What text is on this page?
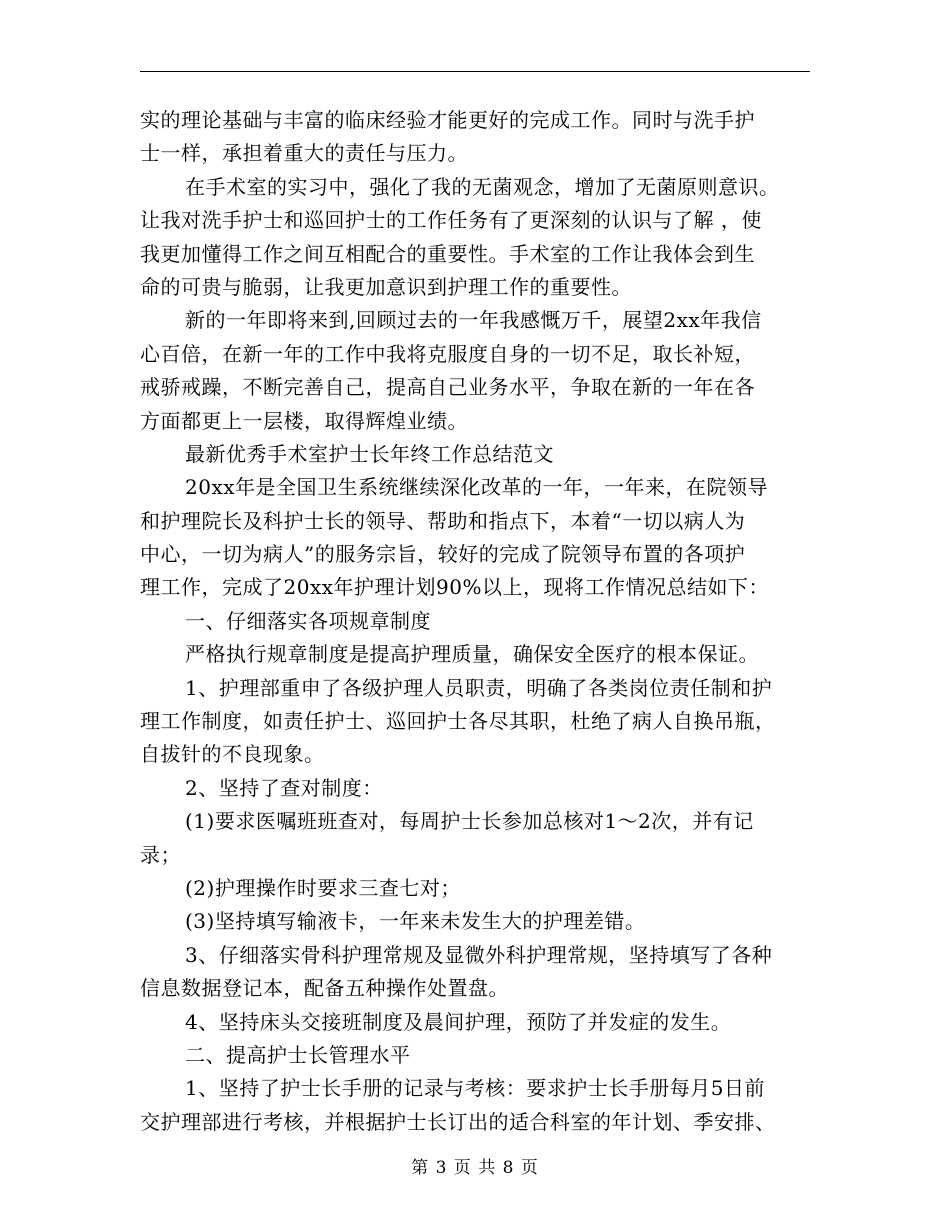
实的理论基础与丰富的临床经验才能更好的完成工作。同时与洗手护
士一样，承担着重大的责任与压力。
在手术室的实习中，强化了我的无菌观念，增加了无菌原则意识。
让我对洗手护士和巡回护士的工作任务有了更深刻的认识与了解 ，使
我更加懂得工作之间互相配合的重要性。手术室的工作让我体会到生
命的可贵与脆弱，让我更加意识到护理工作的重要性。
新的一年即将来到,回顾过去的一年我感慨万千，展望2xx年我信
心百倍，在新一年的工作中我将克服度自身的一切不足，取长补短，
戒骄戒躁，不断完善自己，提高自己业务水平，争取在新的一年在各
方面都更上一层楼，取得辉煌业绩。
最新优秀手术室护士长年终工作总结范文
20xx年是全国卫生系统继续深化改革的一年，一年来，在院领导
和护理院长及科护士长的领导、帮助和指点下，本着“一切以病人为
中心，一切为病人”的服务宗旨，较好的完成了院领导布置的各项护
理工作，完成了20xx年护理计划90%以上，现将工作情况总结如下：
一、仔细落实各项规章制度
严格执行规章制度是提高护理质量，确保安全医疗的根本保证。
1、护理部重申了各级护理人员职责，明确了各类岗位责任制和护
理工作制度，如责任护士、巡回护士各尽其职，杜绝了病人自换吊瓶，
自拔针的不良现象。
2、坚持了查对制度：
(1)要求医嘱班班查对，每周护士长参加总核对1～2次，并有记
录；
(2)护理操作时要求三查七对；
(3)坚持填写输液卡，一年来未发生大的护理差错。
3、仔细落实骨科护理常规及显微外科护理常规，坚持填写了各种
信息数据登记本，配备五种操作处置盘。
4、坚持床头交接班制度及晨间护理，预防了并发症的发生。
二、提高护士长管理水平
1、坚持了护士长手册的记录与考核：要求护士长手册每月5日前
交护理部进行考核，并根据护士长订出的适合科室的年计划、季安排、
第 3 页 共 8 页
